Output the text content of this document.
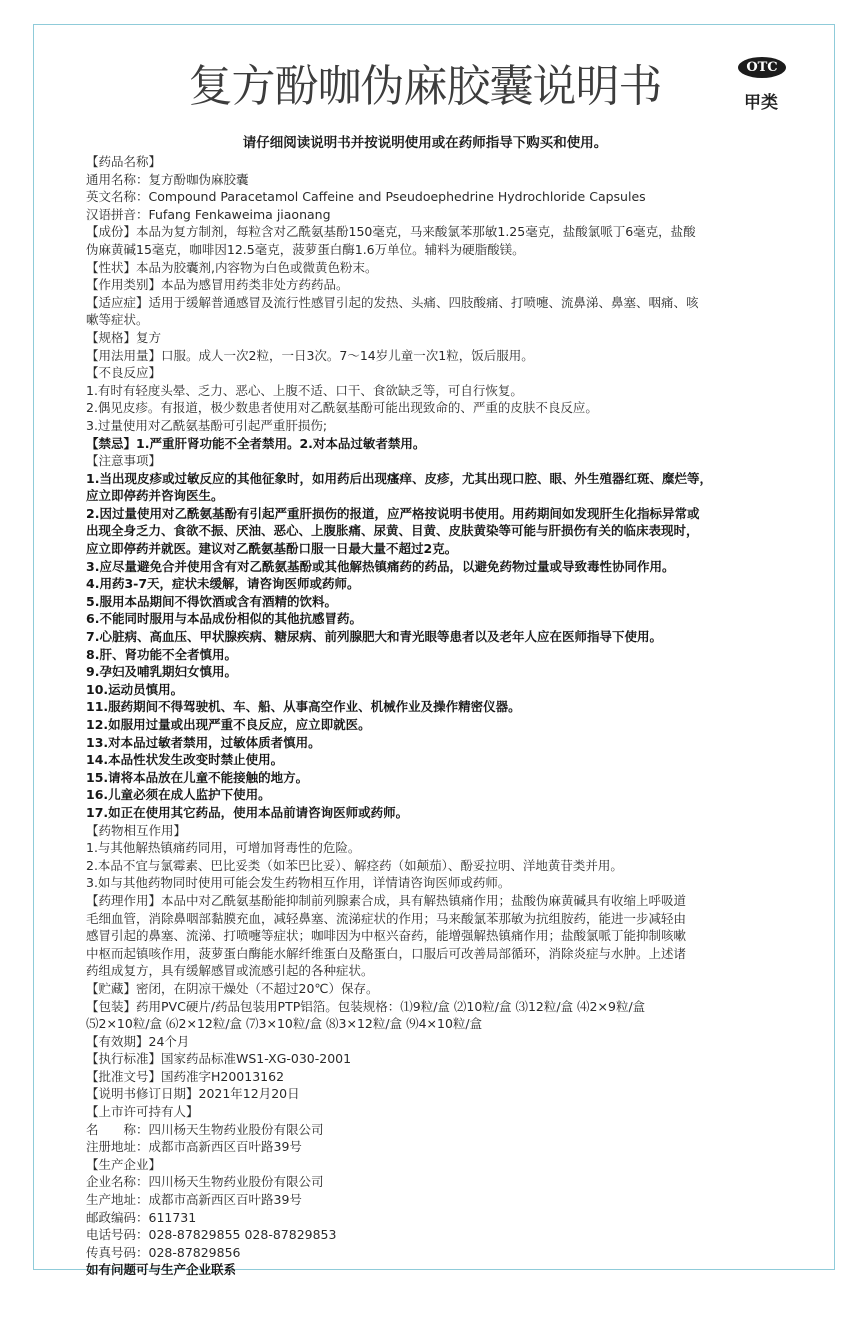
复方酚咖伪麻胶囊说明书	OTC
甲类
请仔细阅读说明书并按说明使用或在药师指导下购买和使用。
【药品名称】
通用名称：复方酚咖伪麻胶囊
英文名称：Compound Paracetamol Caffeine and Pseudoephedrine Hydrochloride Capsules
汉语拼音：Fufang Fenkaweima jiaonang
【成份】本品为复方制剂，每粒含对乙酰氨基酚150毫克，马来酸氯苯那敏1.25毫克，盐酸氯哌丁6毫克，盐酸
伪麻黄碱15毫克，咖啡因12.5毫克，菠萝蛋白酶1.6万单位。辅料为硬脂酸镁。
【性状】本品为胶囊剂,内容物为白色或微黄色粉末。
【作用类别】本品为感冒用药类非处方药药品。
【适应症】适用于缓解普通感冒及流行性感冒引起的发热、头痛、四肢酸痛、打喷嚏、流鼻涕、鼻塞、咽痛、咳
嗽等症状。
【规格】复方
【用法用量】口服。成人一次2粒，一日3次。7～14岁儿童一次1粒，饭后服用。
【不良反应】
1.有时有轻度头晕、乏力、恶心、上腹不适、口干、食欲缺乏等，可自行恢复。
2.偶见皮疹。有报道，极少数患者使用对乙酰氨基酚可能出现致命的、严重的皮肤不良反应。
3.过量使用对乙酰氨基酚可引起严重肝损伤;
【禁忌】1.严重肝肾功能不全者禁用。2.对本品过敏者禁用。
【注意事项】
1.当出现皮疹或过敏反应的其他征象时，如用药后出现瘙痒、皮疹，尤其出现口腔、眼、外生殖器红斑、糜烂等，
应立即停药并咨询医生。
2.因过量使用对乙酰氨基酚有引起严重肝损伤的报道，应严格按说明书使用。用药期间如发现肝生化指标异常或
出现全身乏力、食欲不振、厌油、恶心、上腹胀痛、尿黄、目黄、皮肤黄染等可能与肝损伤有关的临床表现时，
应立即停药并就医。建议对乙酰氨基酚口服一日最大量不超过2克。
3.应尽量避免合并使用含有对乙酰氨基酚或其他解热镇痛药的药品，以避免药物过量或导致毒性协同作用。
4.用药3-7天，症状未缓解，请咨询医师或药师。
5.服用本品期间不得饮酒或含有酒精的饮料。
6.不能同时服用与本品成份相似的其他抗感冒药。
7.心脏病、高血压、甲状腺疾病、糖尿病、前列腺肥大和青光眼等患者以及老年人应在医师指导下使用。
8.肝、肾功能不全者慎用。
9.孕妇及哺乳期妇女慎用。
10.运动员慎用。
11.服药期间不得驾驶机、车、船、从事高空作业、机械作业及操作精密仪器。
12.如服用过量或出现严重不良反应，应立即就医。
13.对本品过敏者禁用，过敏体质者慎用。
14.本品性状发生改变时禁止使用。
15.请将本品放在儿童不能接触的地方。
16.儿童必须在成人监护下使用。
17.如正在使用其它药品，使用本品前请咨询医师或药师。
【药物相互作用】
1.与其他解热镇痛药同用，可增加肾毒性的危险。
2.本品不宜与氯霉素、巴比妥类（如苯巴比妥）、解痉药（如颠茄）、酚妥拉明、洋地黄苷类并用。
3.如与其他药物同时使用可能会发生药物相互作用，详情请咨询医师或药师。
【药理作用】本品中对乙酰氨基酚能抑制前列腺素合成，具有解热镇痛作用；盐酸伪麻黄碱具有收缩上呼吸道
毛细血管，消除鼻咽部黏膜充血，减轻鼻塞、流涕症状的作用；马来酸氯苯那敏为抗组胺药，能进一步减轻由
感冒引起的鼻塞、流涕、打喷嚏等症状；咖啡因为中枢兴奋药，能增强解热镇痛作用；盐酸氯哌丁能抑制咳嗽
中枢而起镇咳作用，菠萝蛋白酶能水解纤维蛋白及酪蛋白，口服后可改善局部循环，消除炎症与水肿。上述诸
药组成复方，具有缓解感冒或流感引起的各种症状。
【贮藏】密闭，在阴凉干燥处（不超过20℃）保存。
【包装】药用PVC硬片/药品包装用PTP铝箔。包装规格：⑴9粒/盒 ⑵10粒/盒 ⑶12粒/盒 ⑷2×9粒/盒
⑸2×10粒/盒 ⑹2×12粒/盒 ⑺3×10粒/盒 ⑻3×12粒/盒 ⑼4×10粒/盒
【有效期】24个月
【执行标准】国家药品标准WS1-XG-030-2001
【批准文号】国药准字H20013162
【说明书修订日期】2021年12月20日
【上市许可持有人】
名　　称：四川杨天生物药业股份有限公司
注册地址：成都市高新西区百叶路39号
【生产企业】
企业名称：四川杨天生物药业股份有限公司
生产地址：成都市高新西区百叶路39号
邮政编码：611731
电话号码：028-87829855 028-87829853
传真号码：028-87829856
如有问题可与生产企业联系
